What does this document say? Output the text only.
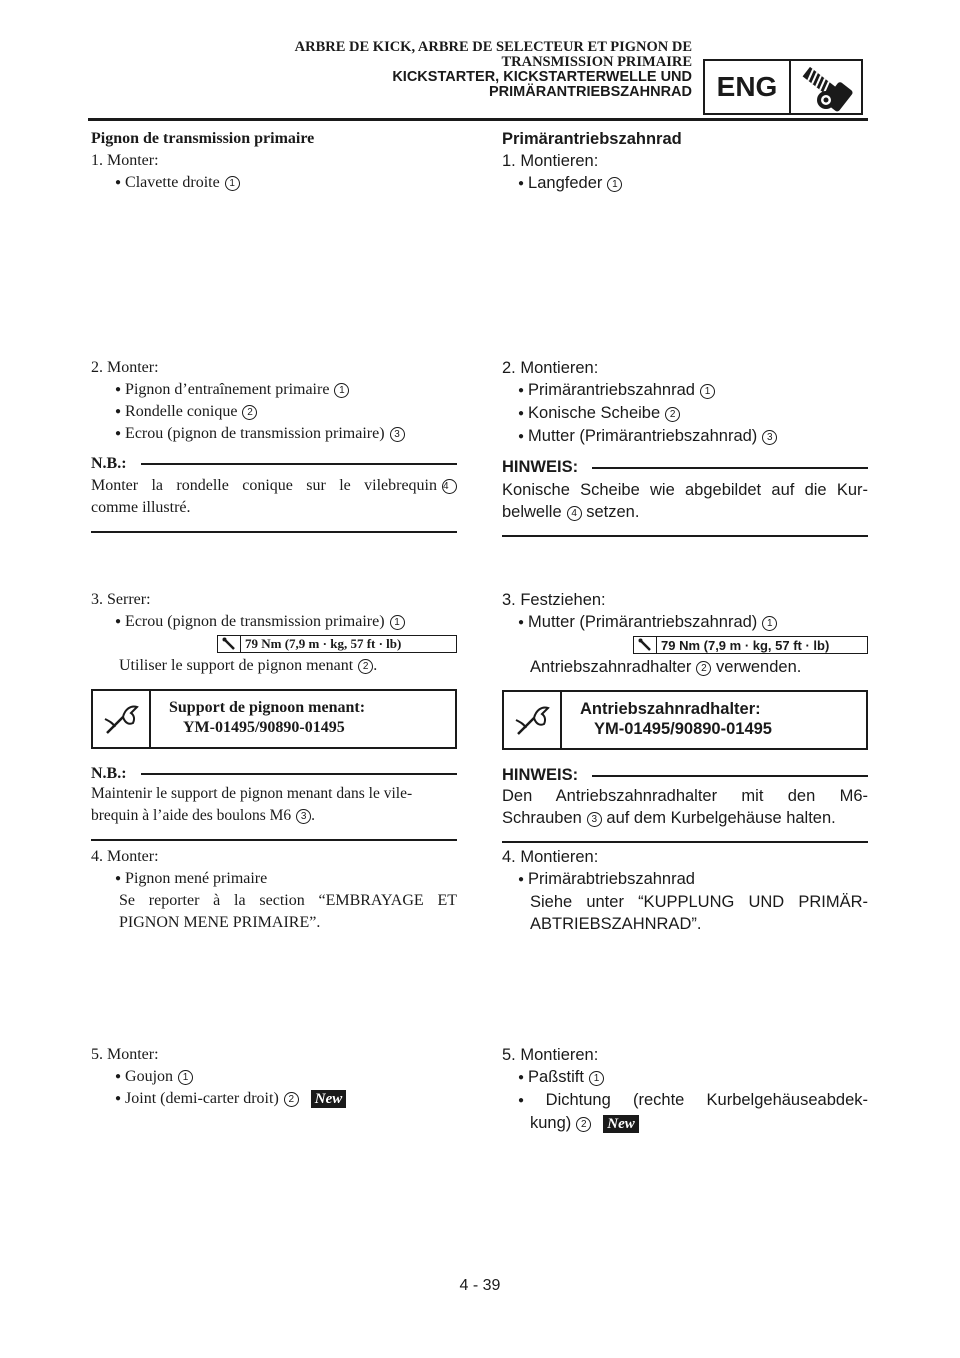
ARBRE DE KICK, ARBRE DE SELECTEUR ET PIGNON DE
TRANSMISSION PRIMAIRE
KICKSTARTER, KICKSTARTERWELLE UND
PRIMÄRANTRIEBSZAHNRAD ENG
Pignon de transmission primaire
1. Monter:
● Clavette droite 1
2. Monter:
● Pignon d’entraînement primaire 1
● Rondelle conique 2
● Ecrou (pignon de transmission primaire) 3
N.B.:
Monter la rondelle conique sur le vilebrequin 4
comme illustré.
3. Serrer:
● Ecrou (pignon de transmission primaire) 1
79 Nm (7,9 m · kg, 57 ft · lb)
Utiliser le support de pignon menant 2 .
Support de pignoon menant:
YM-01495/90890-01495
N.B.:
Maintenir le support de pignon menant dans le vile-
brequin à l’aide des boulons M6 3 .
4. Monter:
● Pignon mené primaire
Se reporter à la section “EMBRAYAGE ET
PIGNON MENE PRIMAIRE”.
5. Monter:
● Goujon 1
● Joint (demi-carter droit) 2 New
Primärantriebszahnrad
1. Montieren:
● Langfeder 1
2. Montieren:
● Primärantriebszahnrad 1
● Konische Scheibe 2
● Mutter (Primärantriebszahnrad) 3
HINWEIS:
Konische Scheibe wie abgebildet auf die Kur-
belwelle 4 setzen.
3. Festziehen:
● Mutter (Primärantriebszahnrad) 1
79 Nm (7,9 m · kg, 57 ft · lb)
Antriebszahnradhalter 2 verwenden.
Antriebszahnradhalter:
YM-01495/90890-01495
HINWEIS:
Den Antriebszahnradhalter mit den M6-
Schrauben 3 auf dem Kurbelgehäuse halten.
4. Montieren:
● Primärabtriebszahnrad
Siehe unter “KUPPLUNG UND PRIMÄR-
ABTRIEBSZAHNRAD”.
5. Montieren:
● Paßstift 1
● Dichtung (rechte Kurbelgehäuseabdek-
kung) 2 New
4 - 39
